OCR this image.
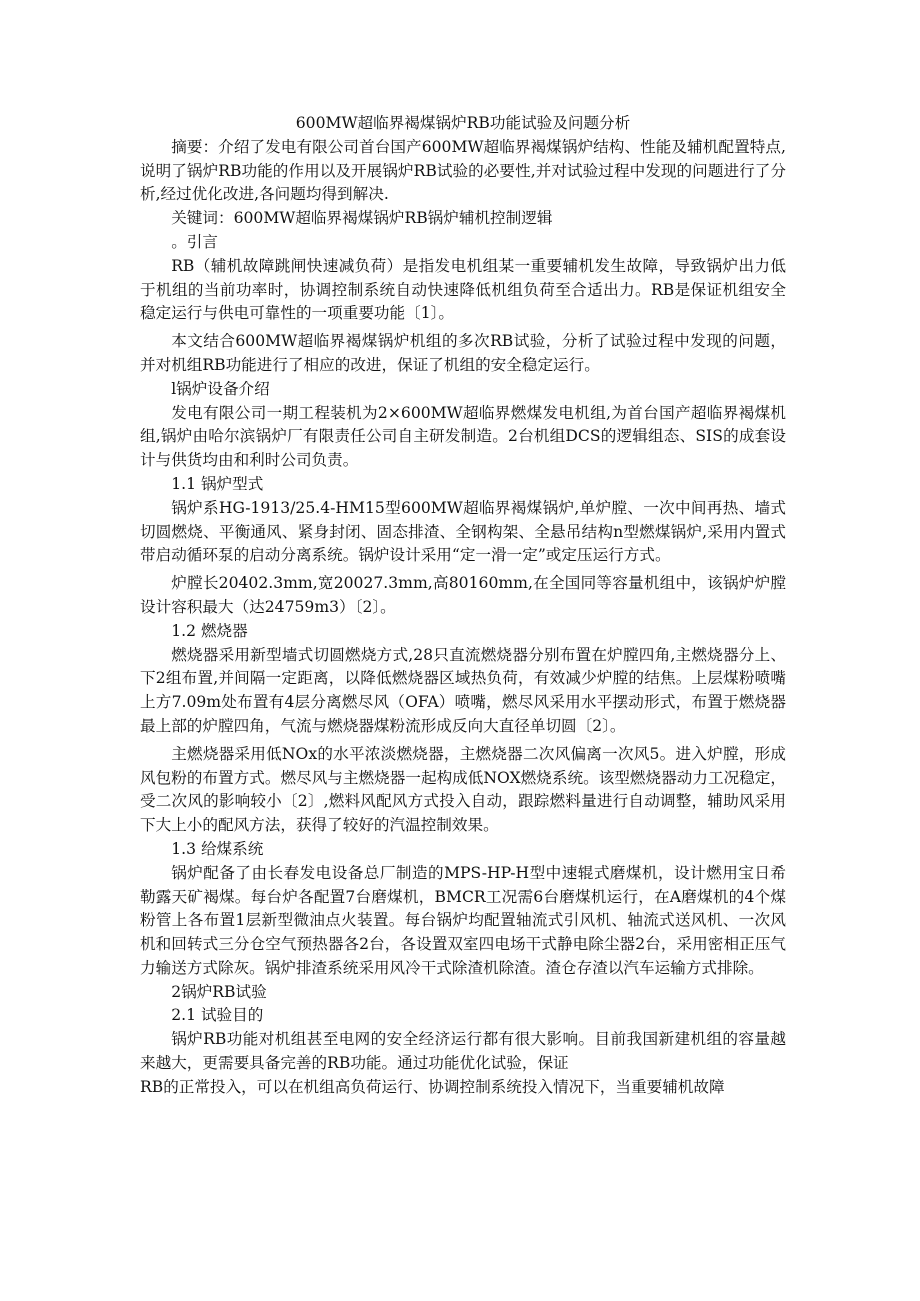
600MW超临界褐煤锅炉RB功能试验及问题分析

摘要：介绍了发电有限公司首台国产600MW超临界褐煤锅炉结构、性能及辅机配置特点,说明了锅炉RB功能的作用以及开展锅炉RB试验的必要性,并对试验过程中发现的问题进行了分析,经过优化改进,各问题均得到解决.

关键词：600MW超临界褐煤锅炉RB锅炉辅机控制逻辑

。引言

RB（辅机故障跳闸快速减负荷）是指发电机组某一重要辅机发生故障，导致锅炉出力低于机组的当前功率时，协调控制系统自动快速降低机组负荷至合适出力。RB是保证机组安全稳定运行与供电可靠性的一项重要功能〔1〕。

本文结合600MW超临界褐煤锅炉机组的多次RB试验，分析了试验过程中发现的问题，并对机组RB功能进行了相应的改进，保证了机组的安全稳定运行。

l锅炉设备介绍

发电有限公司一期工程装机为2×600MW超临界燃煤发电机组,为首台国产超临界褐煤机组,锅炉由哈尔滨锅炉厂有限责任公司自主研发制造。2台机组DCS的逻辑组态、SIS的成套设计与供货均由和利时公司负责。

1.1 锅炉型式

锅炉系HG-1913/25.4-HM15型600MW超临界褐煤锅炉,单炉膛、一次中间再热、墙式切圆燃烧、平衡通风、紧身封闭、固态排渣、全钢构架、全悬吊结构n型燃煤锅炉,采用内置式带启动循环泵的启动分离系统。锅炉设计采用“定一滑一定”或定压运行方式。

炉膛长20402.3mm,宽20027.3mm,高80160mm,在全国同等容量机组中，该锅炉炉膛设计容积最大（达24759m3）〔2〕。

1.2 燃烧器

燃烧器采用新型墙式切圆燃烧方式,28只直流燃烧器分别布置在炉膛四角,主燃烧器分上、下2组布置,并间隔一定距离，以降低燃烧器区域热负荷，有效减少炉膛的结焦。上层煤粉喷嘴上方7.09m处布置有4层分离燃尽风（OFA）喷嘴，燃尽风采用水平摆动形式，布置于燃烧器最上部的炉膛四角，气流与燃烧器煤粉流形成反向大直径单切圆〔2〕。

主燃烧器采用低NOx的水平浓淡燃烧器，主燃烧器二次风偏离一次风5。进入炉膛，形成风包粉的布置方式。燃尽风与主燃烧器一起构成低NOX燃烧系统。该型燃烧器动力工况稳定，受二次风的影响较小〔2〕,燃料风配风方式投入自动，跟踪燃料量进行自动调整，辅助风采用下大上小的配风方法，获得了较好的汽温控制效果。

1.3 给煤系统

锅炉配备了由长春发电设备总厂制造的MPS-HP-H型中速辊式磨煤机，设计燃用宝日希勒露天矿褐煤。每台炉各配置7台磨煤机，BMCR工况需6台磨煤机运行，在A磨煤机的4个煤粉管上各布置1层新型微油点火装置。每台锅炉均配置轴流式引风机、轴流式送风机、一次风机和回转式三分仓空气预热器各2台，各设置双室四电场干式静电除尘器2台，采用密相正压气力输送方式除灰。锅炉排渣系统采用风冷干式除渣机除渣。渣仓存渣以汽车运输方式排除。

2锅炉RB试验

2.1 试验目的

锅炉RB功能对机组甚至电网的安全经济运行都有很大影响。目前我国新建机组的容量越来越大，更需要具备完善的RB功能。通过功能优化试验，保证

RB的正常投入，可以在机组高负荷运行、协调控制系统投入情况下，当重要辅机故障
